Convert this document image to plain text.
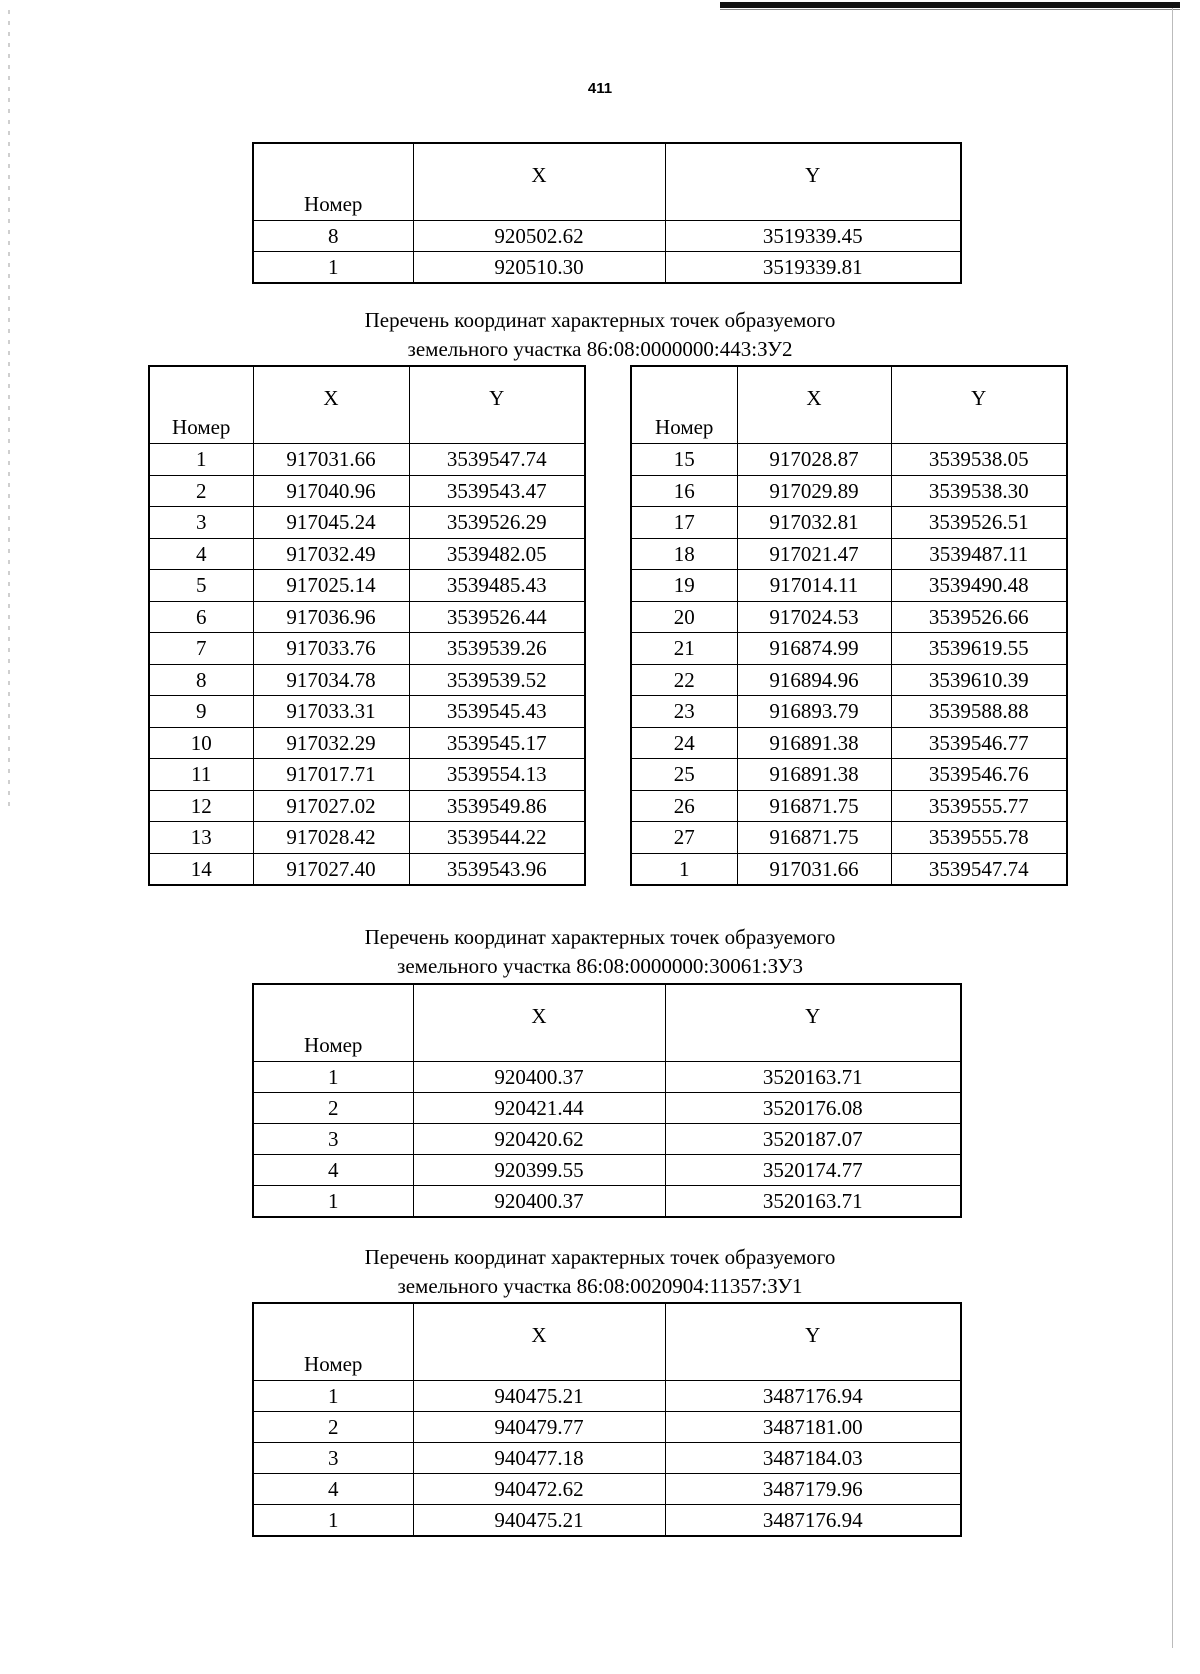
411
Номер	X	Y
8	920502.62	3519339.45
1	920510.30	3519339.81
Перечень координат характерных точек образуемого
земельного участка 86:08:0000000:443:ЗУ2
Номер	X	Y
1	917031.66	3539547.74
2	917040.96	3539543.47
3	917045.24	3539526.29
4	917032.49	3539482.05
5	917025.14	3539485.43
6	917036.96	3539526.44
7	917033.76	3539539.26
8	917034.78	3539539.52
9	917033.31	3539545.43
10	917032.29	3539545.17
11	917017.71	3539554.13
12	917027.02	3539549.86
13	917028.42	3539544.22
14	917027.40	3539543.96
Номер	X	Y
15	917028.87	3539538.05
16	917029.89	3539538.30
17	917032.81	3539526.51
18	917021.47	3539487.11
19	917014.11	3539490.48
20	917024.53	3539526.66
21	916874.99	3539619.55
22	916894.96	3539610.39
23	916893.79	3539588.88
24	916891.38	3539546.77
25	916891.38	3539546.76
26	916871.75	3539555.77
27	916871.75	3539555.78
1	917031.66	3539547.74
Перечень координат характерных точек образуемого
земельного участка 86:08:0000000:30061:ЗУ3
Номер	X	Y
1	920400.37	3520163.71
2	920421.44	3520176.08
3	920420.62	3520187.07
4	920399.55	3520174.77
1	920400.37	3520163.71
Перечень координат характерных точек образуемого
земельного участка 86:08:0020904:11357:ЗУ1
Номер	X	Y
1	940475.21	3487176.94
2	940479.77	3487181.00
3	940477.18	3487184.03
4	940472.62	3487179.96
1	940475.21	3487176.94
